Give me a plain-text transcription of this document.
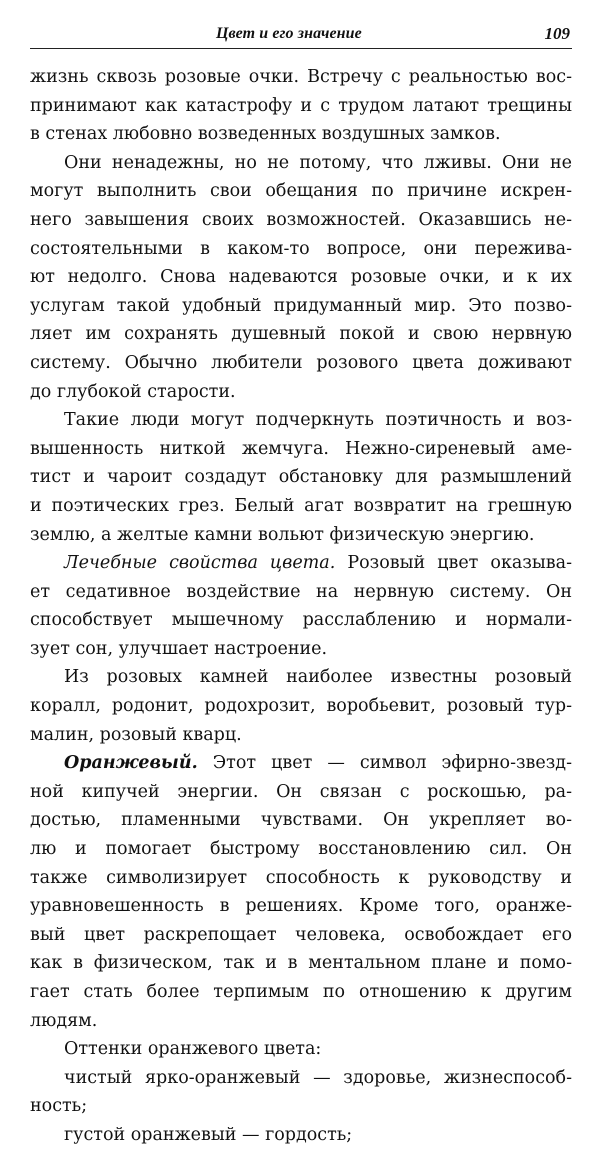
Цвет и его значение	109
жизнь сквозь розовые очки. Встречу с реальностью вос-
принимают как катастрофу и с трудом латают трещины
в стенах любовно возведенных воздушных замков.
Они ненадежны, но не потому, что лживы. Они не
могут выполнить свои обещания по причине искрен-
него завышения своих возможностей. Оказавшись не-
состоятельными в каком-то вопросе, они пережива-
ют недолго. Снова надеваются розовые очки, и к их
услугам такой удобный придуманный мир. Это позво-
ляет им сохранять душевный покой и свою нервную
систему. Обычно любители розового цвета доживают
до глубокой старости.
Такие люди могут подчеркнуть поэтичность и воз-
вышенность ниткой жемчуга. Нежно-сиреневый аме-
тист и чароит создадут обстановку для размышлений
и поэтических грез. Белый агат возвратит на грешную
землю, а желтые камни вольют физическую энергию.
Лечебные свойства цвета. Розовый цвет оказыва-
ет седативное воздействие на нервную систему. Он
способствует мышечному расслаблению и нормали-
зует сон, улучшает настроение.
Из розовых камней наиболее известны розовый
коралл, родонит, родохрозит, воробьевит, розовый тур-
малин, розовый кварц.
Оранжевый. Этот цвет — символ эфирно-звезд-
ной кипучей энергии. Он связан с роскошью, ра-
достью, пламенными чувствами. Он укрепляет во-
лю и помогает быстрому восстановлению сил. Он
также символизирует способность к руководству и
уравновешенность в решениях. Кроме того, оранже-
вый цвет раскрепощает человека, освобождает его
как в физическом, так и в ментальном плане и помо-
гает стать более терпимым по отношению к другим
людям.
Оттенки оранжевого цвета:
чистый ярко-оранжевый — здоровье, жизнеспособ-
ность;
густой оранжевый — гордость;
